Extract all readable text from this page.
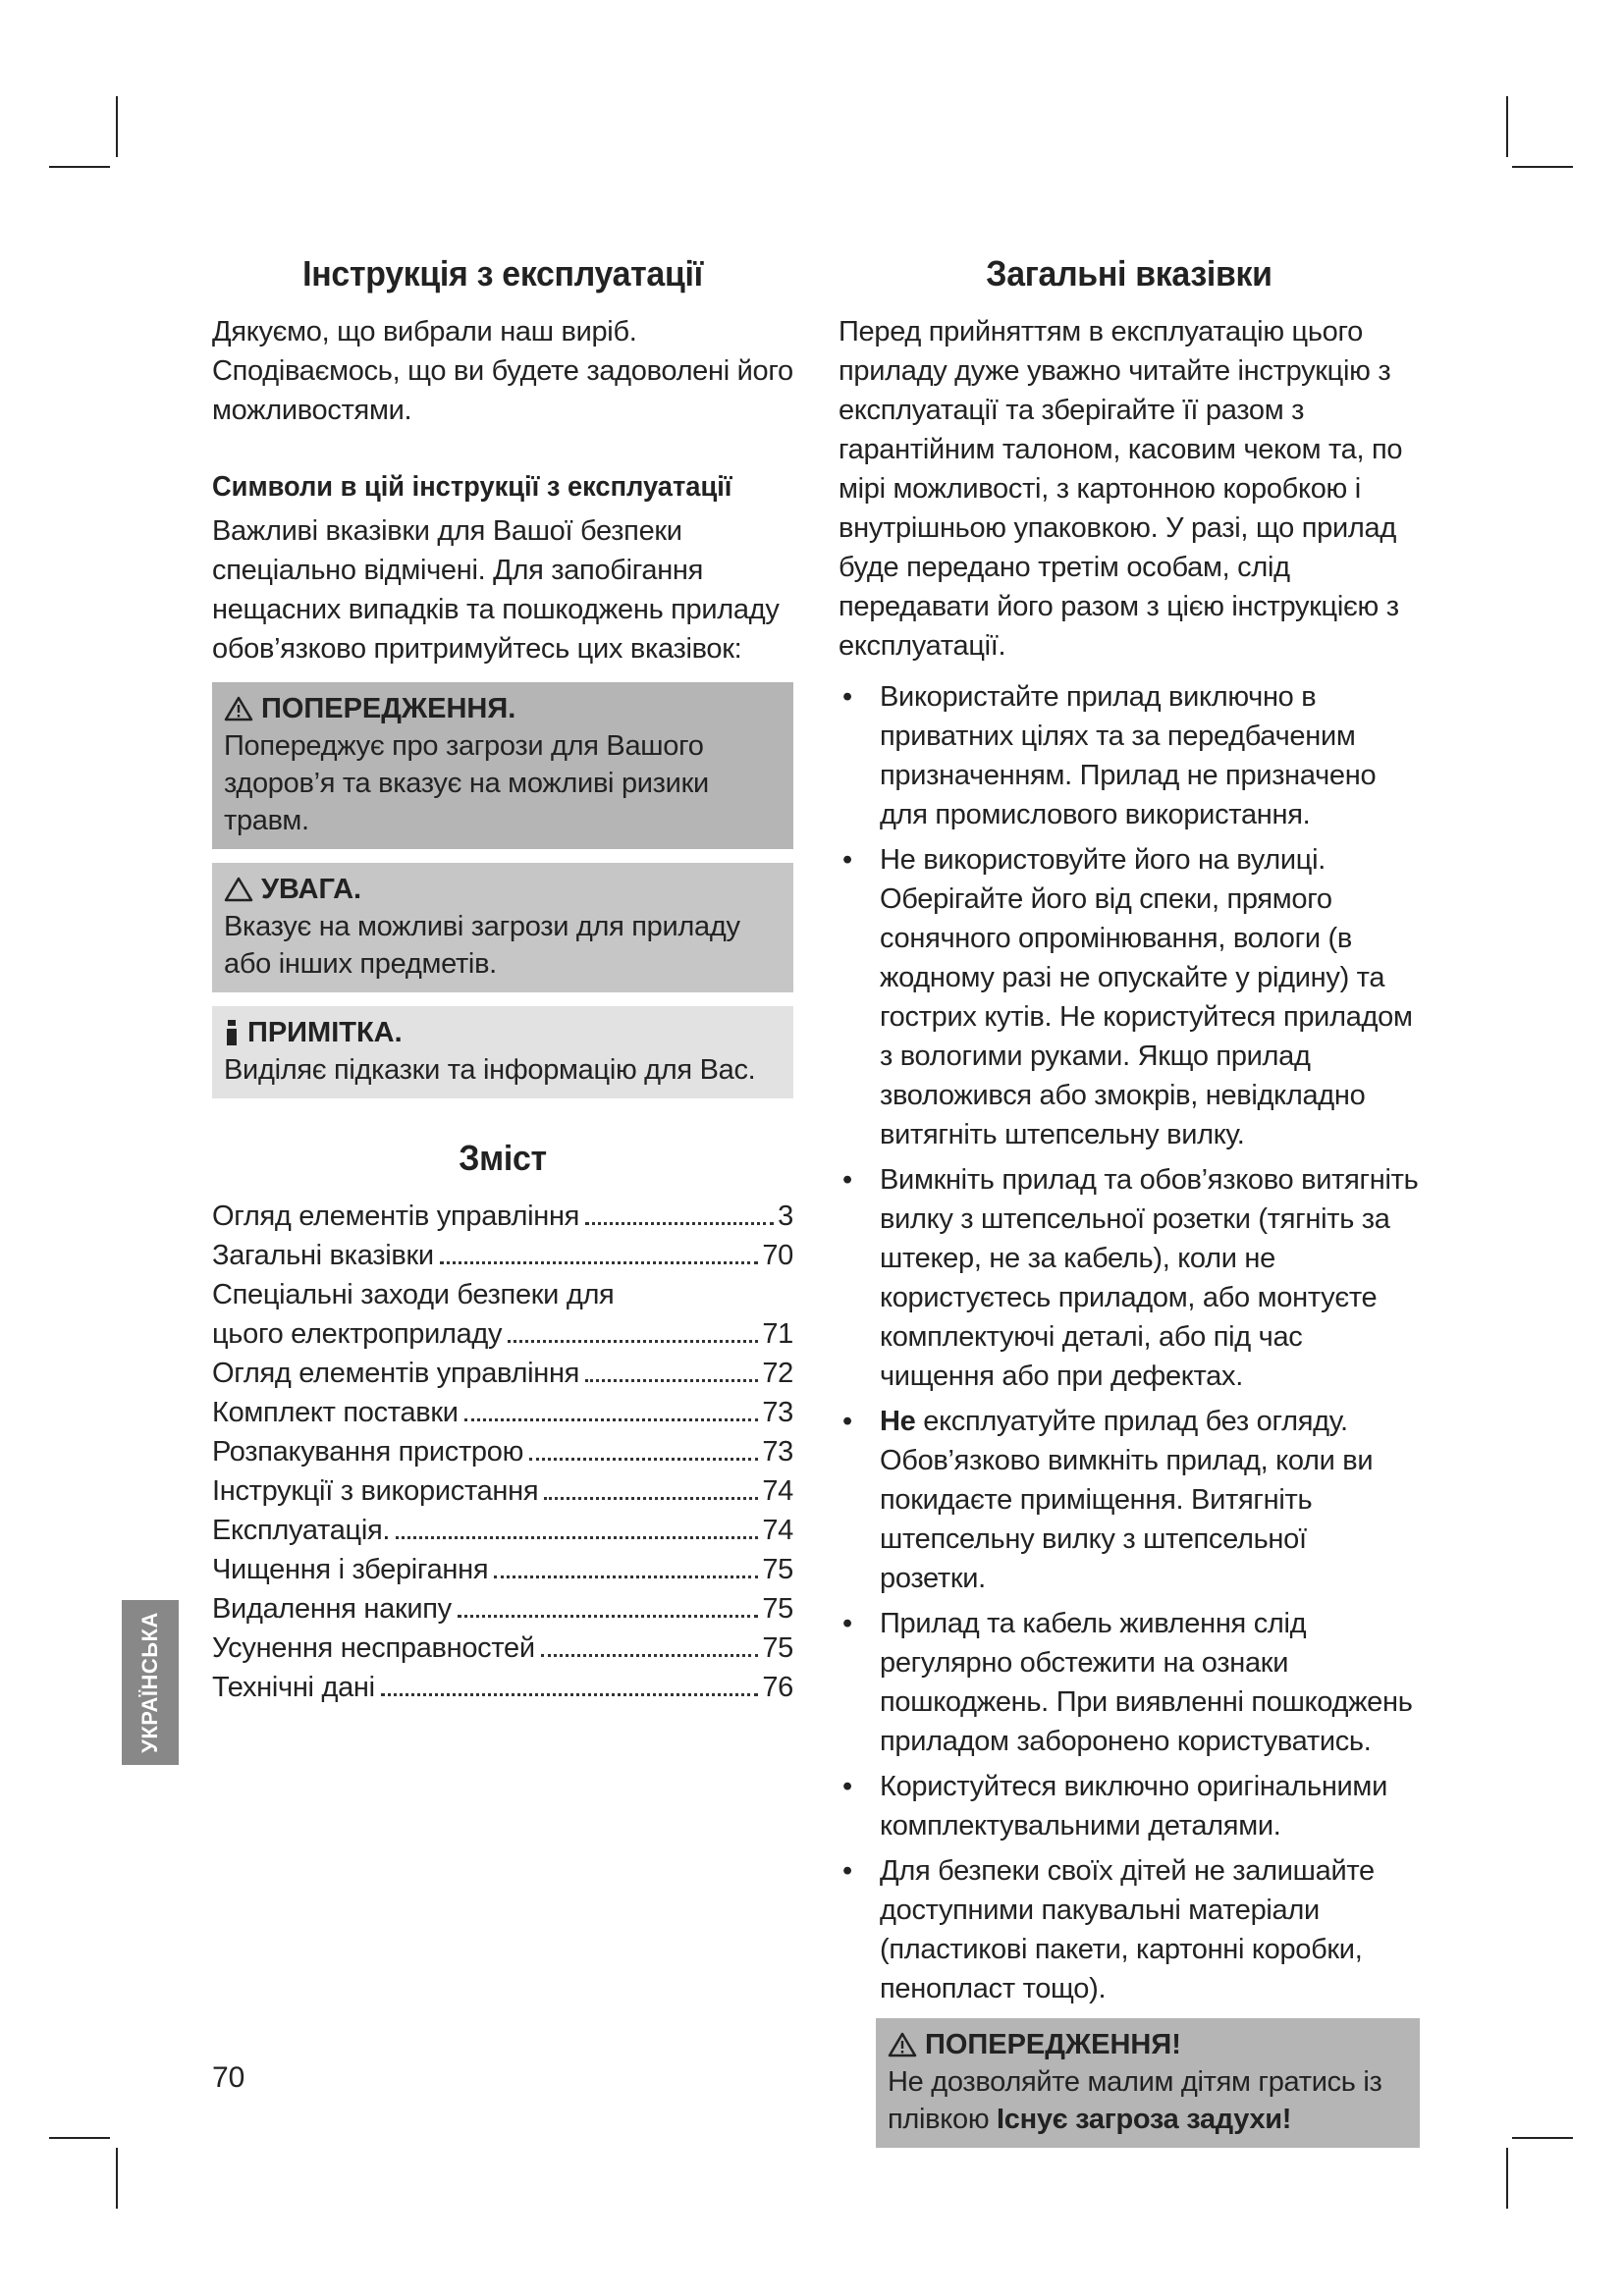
Інструкція з експлуатації

Дякуємо, що вибрали наш виріб. Сподіваємось, що ви будете задоволені його можливостями.

Символи в цій інструкції з експлуатації

Важливі вказівки для Вашої безпеки спеціально відмічені. Для запобігання нещасних випадків та пошкоджень приладу обов’язково притримуйтесь цих вказівок:

ПОПЕРЕДЖЕННЯ.

Попереджує про загрози для Вашого здоров’я та вказує на можливі ризики травм.

УВАГА.

Вказує на можливі загрози для приладу або інших предметів.

ПРИМІТКА.

Виділяє підказки та інформацію для Вас.

Зміст
Огляд елементів управління	3
Загальні вказівки	70
Спеціальні заходи безпеки для
цього електроприладу	71
Огляд елементів управління	72
Комплект поставки	73
Розпакування пристрою	73
Інструкції з використання	74
Експлуатація.	74
Чищення і зберігання	75
Видалення накипу	75
Усунення несправностей	75
Технічні дані	76
Загальні вказівки

Перед прийняттям в експлуатацію цього приладу дуже уважно читайте інструкцію з експлуатації та зберігайте її разом з гарантійним талоном, касовим чеком та, по мірі можливості, з картонною коробкою і внутрішньою упаковкою. У разі, що прилад буде передано третім особам, слід передавати його разом з цією інструкцією з експлуатації.

• Використайте прилад виключно в приватних цілях та за передбаченим призначенням. Прилад не призначено для промислового використання.
• Не використовуйте його на вулиці. Оберігайте його від спеки, прямого сонячного опромінювання, вологи (в жодному разі не опускайте у рідину) та гострих кутів. Не користуйтеся приладом з вологими руками. Якщо прилад зволожився або змокрів, невідкладно витягніть штепсельну вилку.
• Вимкніть прилад та обов’язково витягніть вилку з штепсельної розетки (тягніть за штекер, не за кабель), коли не користуєтесь приладом, або монтуєте комплектуючі деталі, або під час чищення або при дефектах.
• Не експлуатуйте прилад без огляду. Обов’язково вимкніть прилад, коли ви покидаєте приміщення. Витягніть штепсельну вилку з штепсельної розетки.
• Прилад та кабель живлення слід регулярно обстежити на ознаки пошкоджень. При виявленні пошкоджень приладом заборонено користуватись.
• Користуйтеся виключно оригінальними комплектувальними деталями.
• Для безпеки своїх дітей не залишайте доступними пакувальні матеріали (пластикові пакети, картонні коробки, пенопласт тощо).
ПОПЕРЕДЖЕННЯ!

Не дозволяйте малим дітям гратись із плівкою Існує загроза задухи!

УКРАЇНСЬКА
70
